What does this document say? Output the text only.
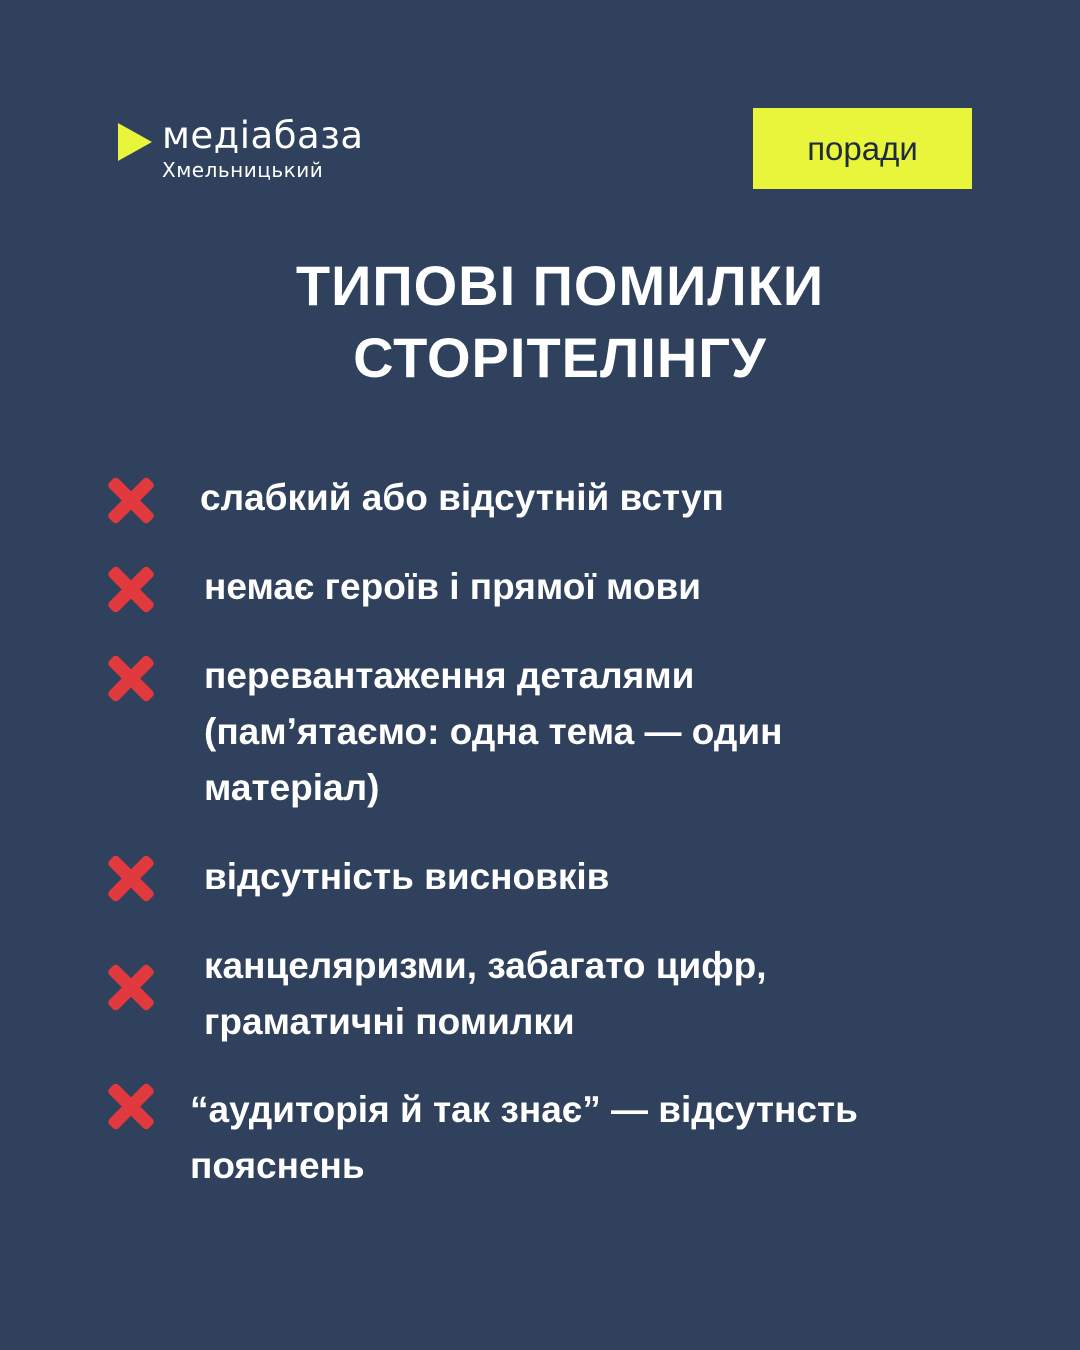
медіабаза
Хмельницький
поради
ТИПОВІ ПОМИЛКИ
СТОРІТЕЛІНГУ
слабкий або відсутній вступ
немає героїв і прямої мови
перевантаження деталями
(пам’ятаємо: одна тема — один
матеріал)
відсутність висновків
канцеляризми, забагато цифр,
граматичні помилки
“аудиторія й так знає” — відсутнсть
пояснень
